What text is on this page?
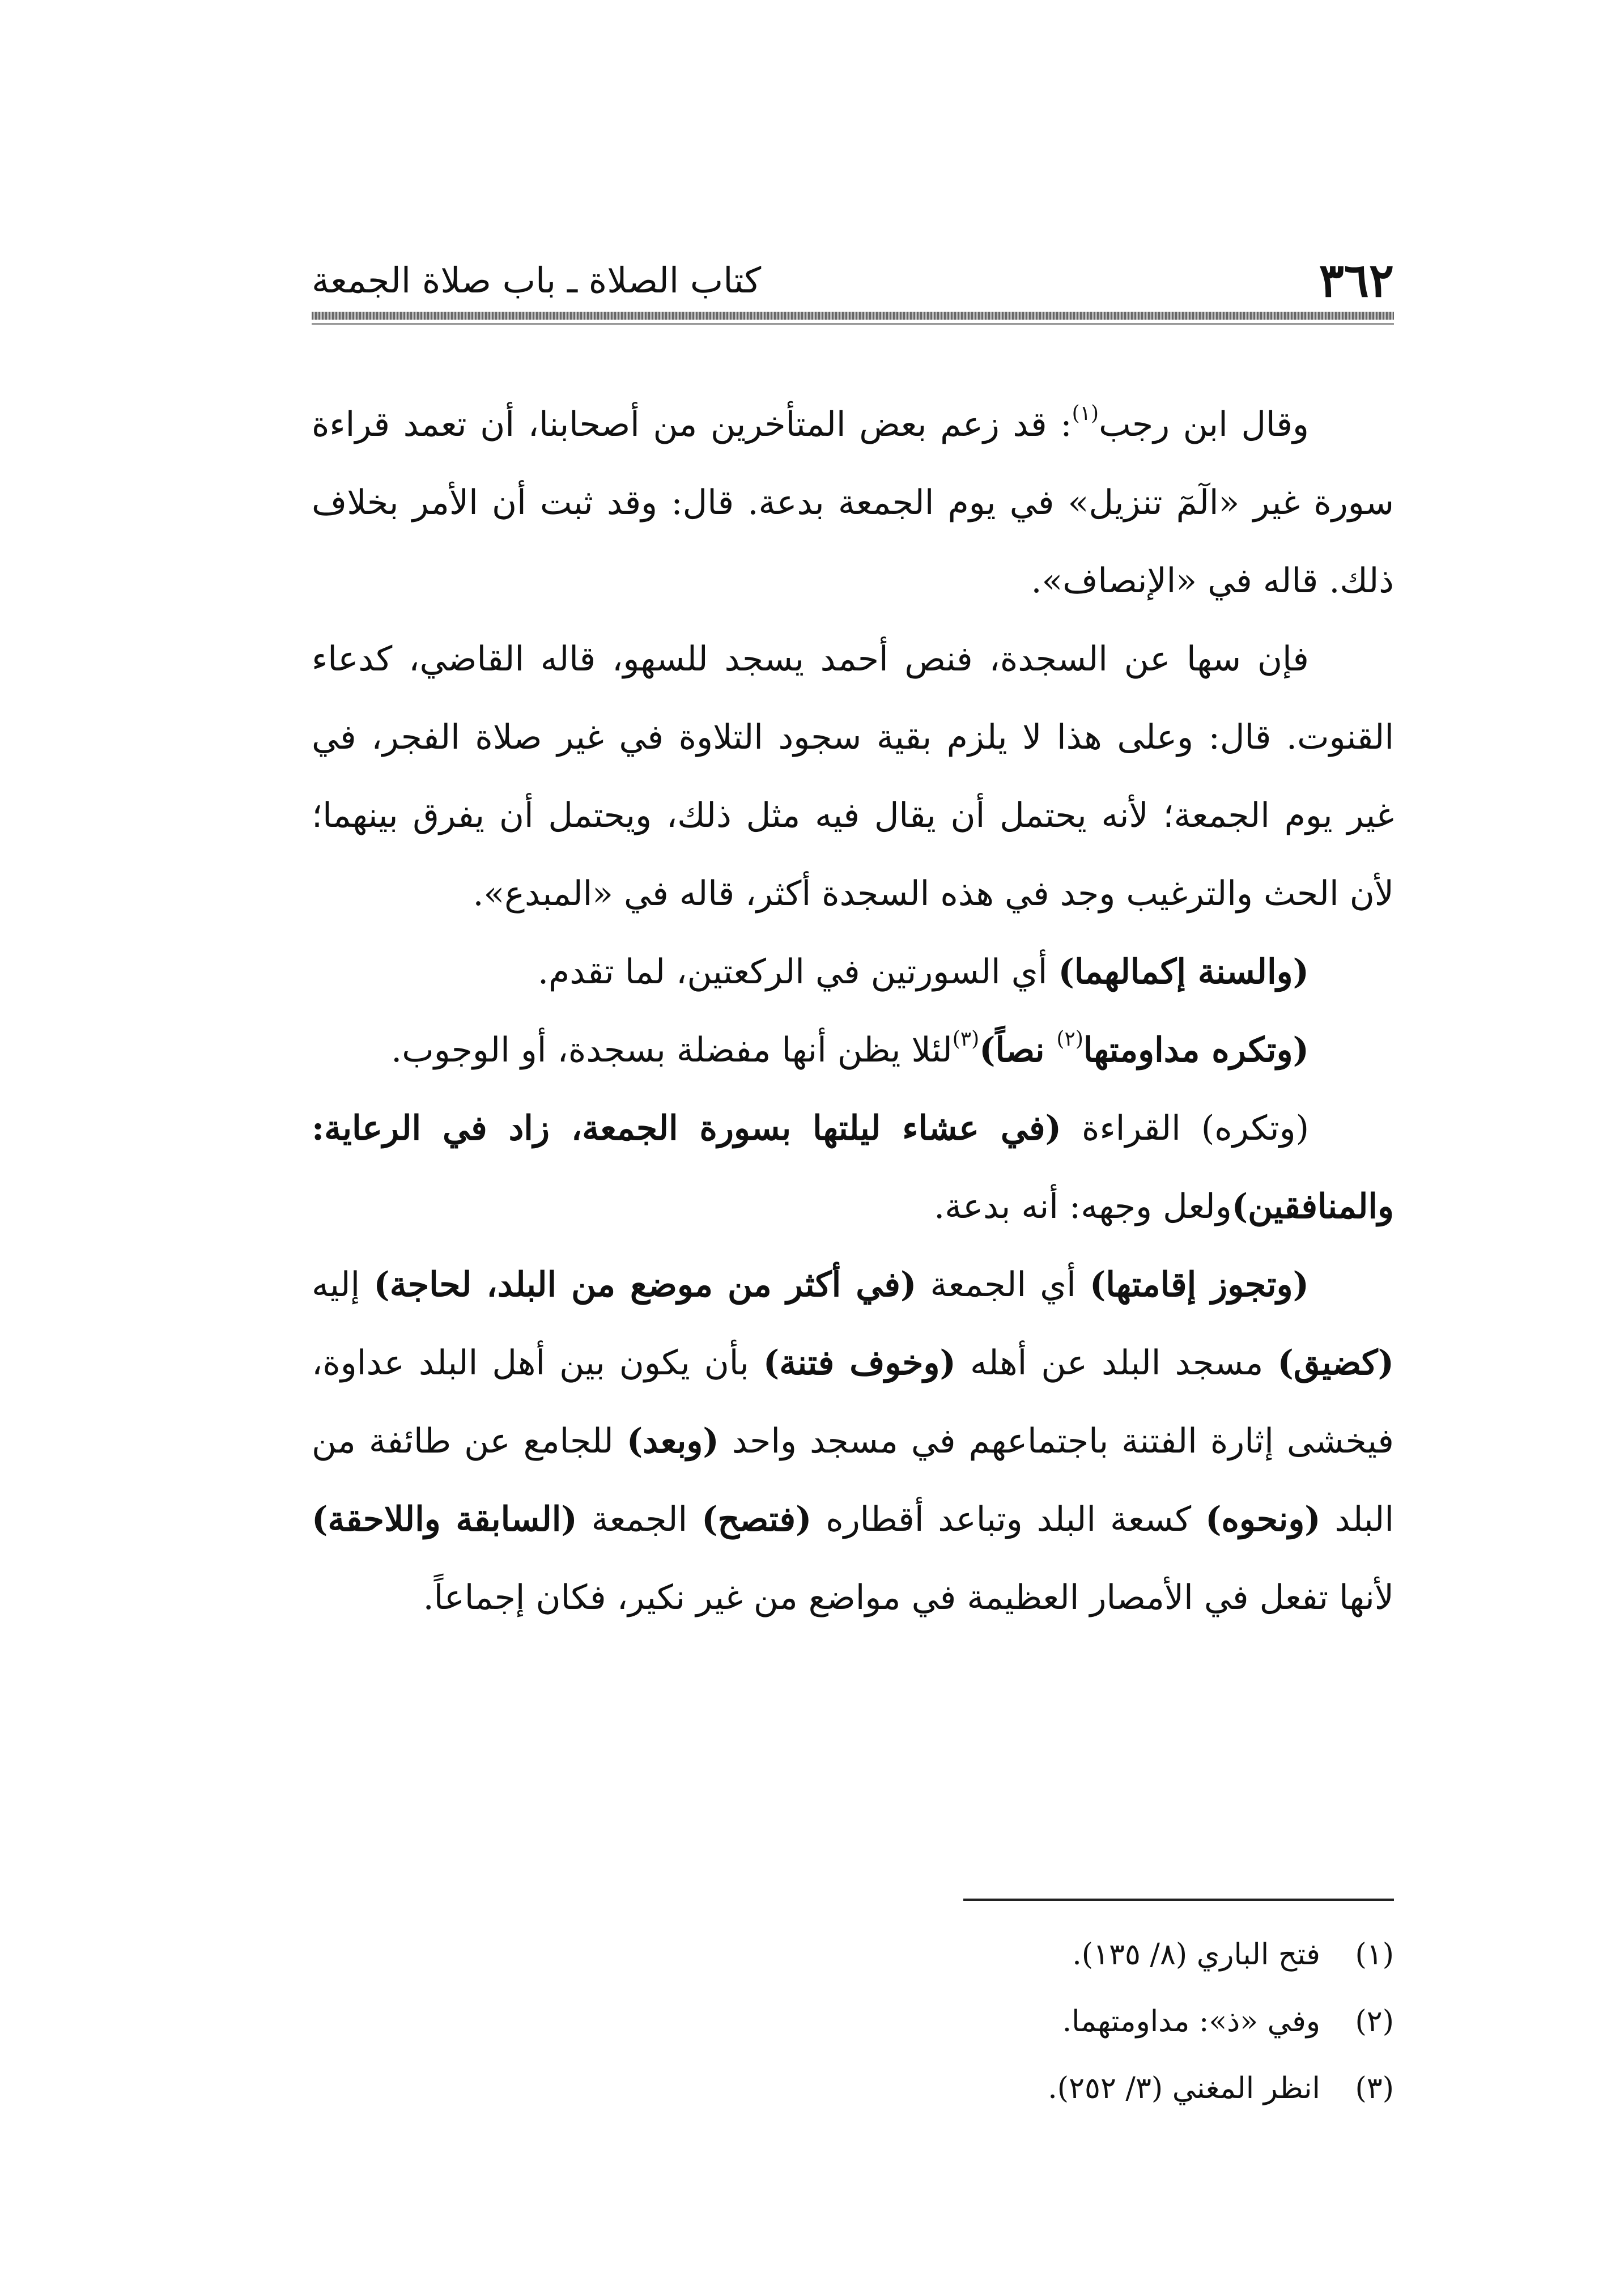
٣٦٢
كتاب الصلاة ـ باب صلاة الجمعة

وقال ابن رجب$^{(١)}$: قد زعم بعض المتأخرين من أصحابنا، أن تعمد قراءة سورة غير «الٓمٓ تنزيل» في يوم الجمعة بدعة. قال: وقد ثبت أن الأمر بخلاف ذلك. قاله في «الإنصاف».

فإن سها عن السجدة، فنص أحمد يسجد للسهو، قاله القاضي، كدعاء القنوت. قال: وعلى هذا لا يلزم بقية سجود التلاوة في غير صلاة الفجر، في غير يوم الجمعة؛ لأنه يحتمل أن يقال فيه مثل ذلك، ويحتمل أن يفرق بينهما؛ لأن الحث والترغيب وجد في هذه السجدة أكثر، قاله في «المبدع».

(والسنة إكمالهما) أي السورتين في الركعتين، لما تقدم.

(وتكره مداومتها$^{(٢)}$ نصاً)$^{(٣)}$لئلا يظن أنها مفضلة بسجدة، أو الوجوب.

(وتكره) القراءة (في عشاء ليلتها بسورة الجمعة، زاد في الرعاية: والمنافقين)ولعل وجهه: أنه بدعة.

(وتجوز إقامتها) أي الجمعة (في أكثر من موضع من البلد، لحاجة) إليه (كضيق) مسجد البلد عن أهله (وخوف فتنة) بأن يكون بين أهل البلد عداوة، فيخشى إثارة الفتنة باجتماعهم في مسجد واحد (وبعد) للجامع عن طائفة من البلد (ونحوه) كسعة البلد وتباعد أقطاره (فتصح) الجمعة (السابقة واللاحقة) لأنها تفعل في الأمصار العظيمة في مواضع من غير نكير، فكان إجماعاً.

(١)
فتح الباري (٨/ ١٣٥).
(٢)
وفي «ذ»: مداومتهما.
(٣)
انظر المغني (٣/ ٢٥٢).
